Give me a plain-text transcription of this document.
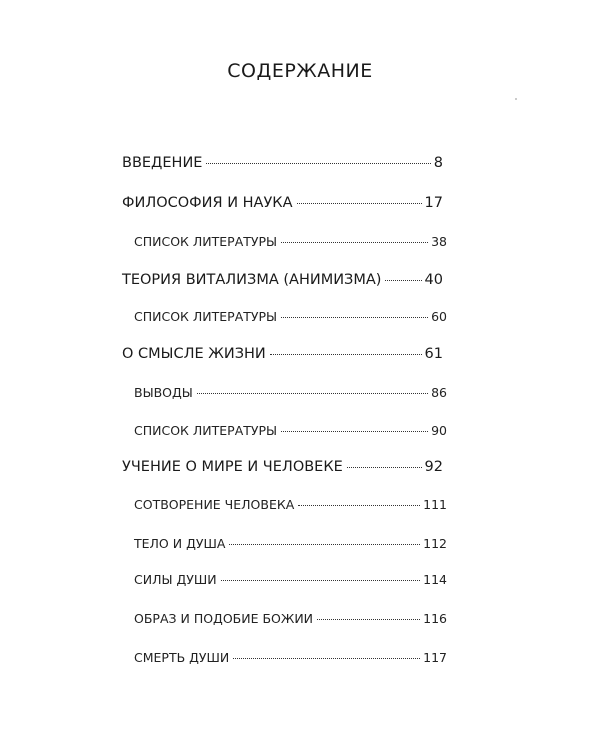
СОДЕРЖАНИЕ
ВВЕДЕНИЕ	8
ФИЛОСОФИЯ И НАУКА	17
СПИСОК ЛИТЕРАТУРЫ	38
ТЕОРИЯ ВИТАЛИЗМА (АНИМИЗМА)	40
СПИСОК ЛИТЕРАТУРЫ	60
О СМЫСЛЕ ЖИЗНИ	61
ВЫВОДЫ	86
СПИСОК ЛИТЕРАТУРЫ	90
УЧЕНИЕ О МИРЕ И ЧЕЛОВЕКЕ	92
СОТВОРЕНИЕ ЧЕЛОВЕКА	111
ТЕЛО И ДУША	112
СИЛЫ ДУШИ	114
ОБРАЗ И ПОДОБИЕ БОЖИИ	116
СМЕРТЬ ДУШИ	117
